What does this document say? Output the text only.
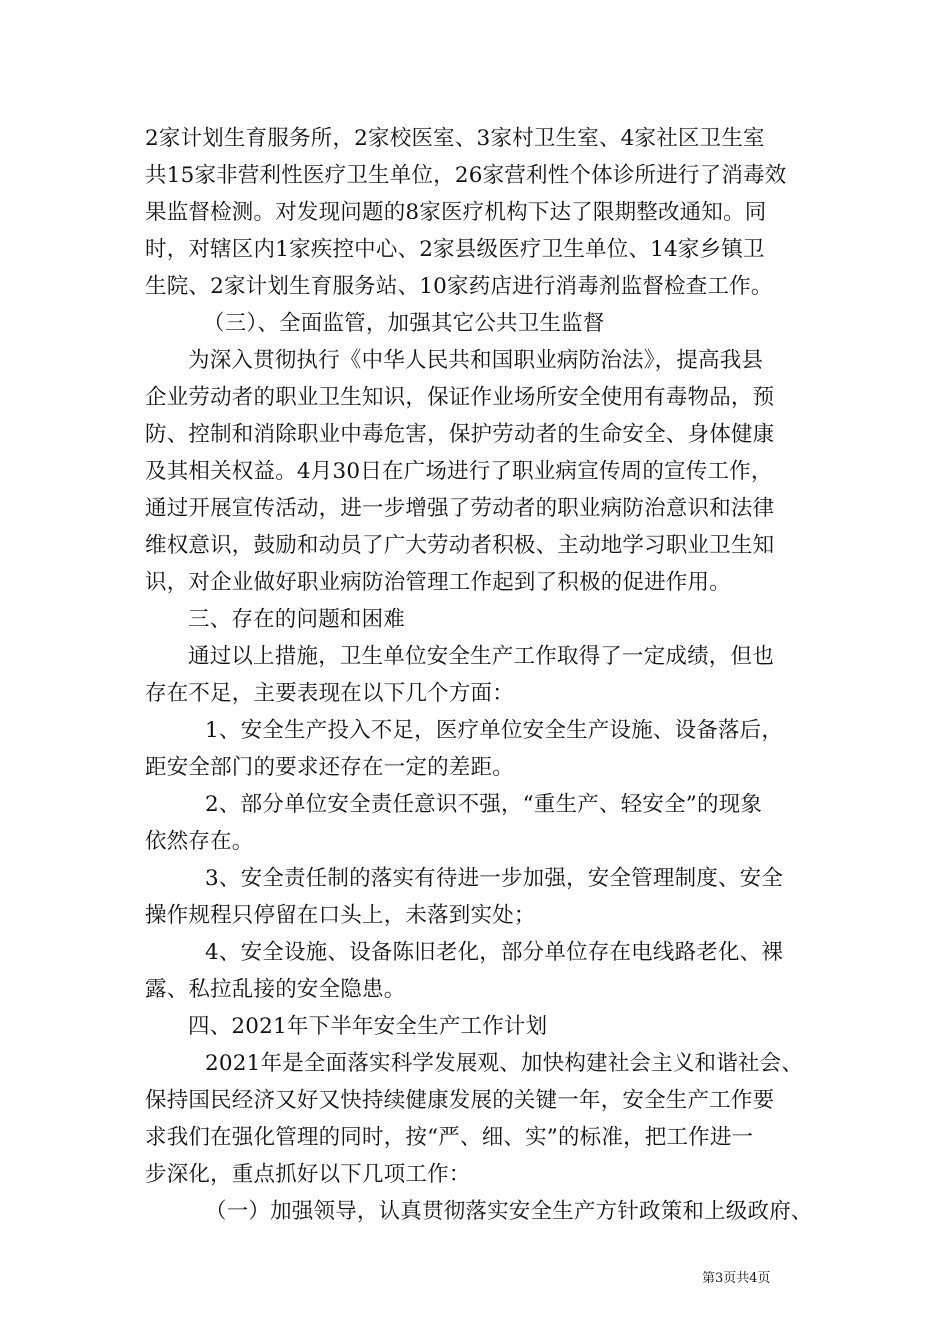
2家计划生育服务所，2家校医室、3家村卫生室、4家社区卫生室
共15家非营利性医疗卫生单位，26家营利性个体诊所进行了消毒效
果监督检测。对发现问题的8家医疗机构下达了限期整改通知。同
时，对辖区内1家疾控中心、2家县级医疗卫生单位、14家乡镇卫
生院、2家计划生育服务站、10家药店进行消毒剂监督检查工作。
（三）、全面监管，加强其它公共卫生监督
为深入贯彻执行《中华人民共和国职业病防治法》，提高我县
企业劳动者的职业卫生知识，保证作业场所安全使用有毒物品，预
防、控制和消除职业中毒危害，保护劳动者的生命安全、身体健康
及其相关权益。4月30日在广场进行了职业病宣传周的宣传工作，
通过开展宣传活动，进一步增强了劳动者的职业病防治意识和法律
维权意识，鼓励和动员了广大劳动者积极、主动地学习职业卫生知
识，对企业做好职业病防治管理工作起到了积极的促进作用。
三、存在的问题和困难
通过以上措施，卫生单位安全生产工作取得了一定成绩，但也
存在不足，主要表现在以下几个方面：
1、安全生产投入不足，医疗单位安全生产设施、设备落后，
距安全部门的要求还存在一定的差距。
2、部分单位安全责任意识不强，“重生产、轻安全”的现象
依然存在。
3、安全责任制的落实有待进一步加强，安全管理制度、安全
操作规程只停留在口头上，未落到实处；
4、安全设施、设备陈旧老化，部分单位存在电线路老化、裸
露、私拉乱接的安全隐患。
四、2021年下半年安全生产工作计划
2021年是全面落实科学发展观、加快构建社会主义和谐社会、
保持国民经济又好又快持续健康发展的关键一年，安全生产工作要
求我们在强化管理的同时，按“严、细、实”的标准，把工作进一
步深化，重点抓好以下几项工作：
（一）加强领导，认真贯彻落实安全生产方针政策和上级政府、
第3页共4页
